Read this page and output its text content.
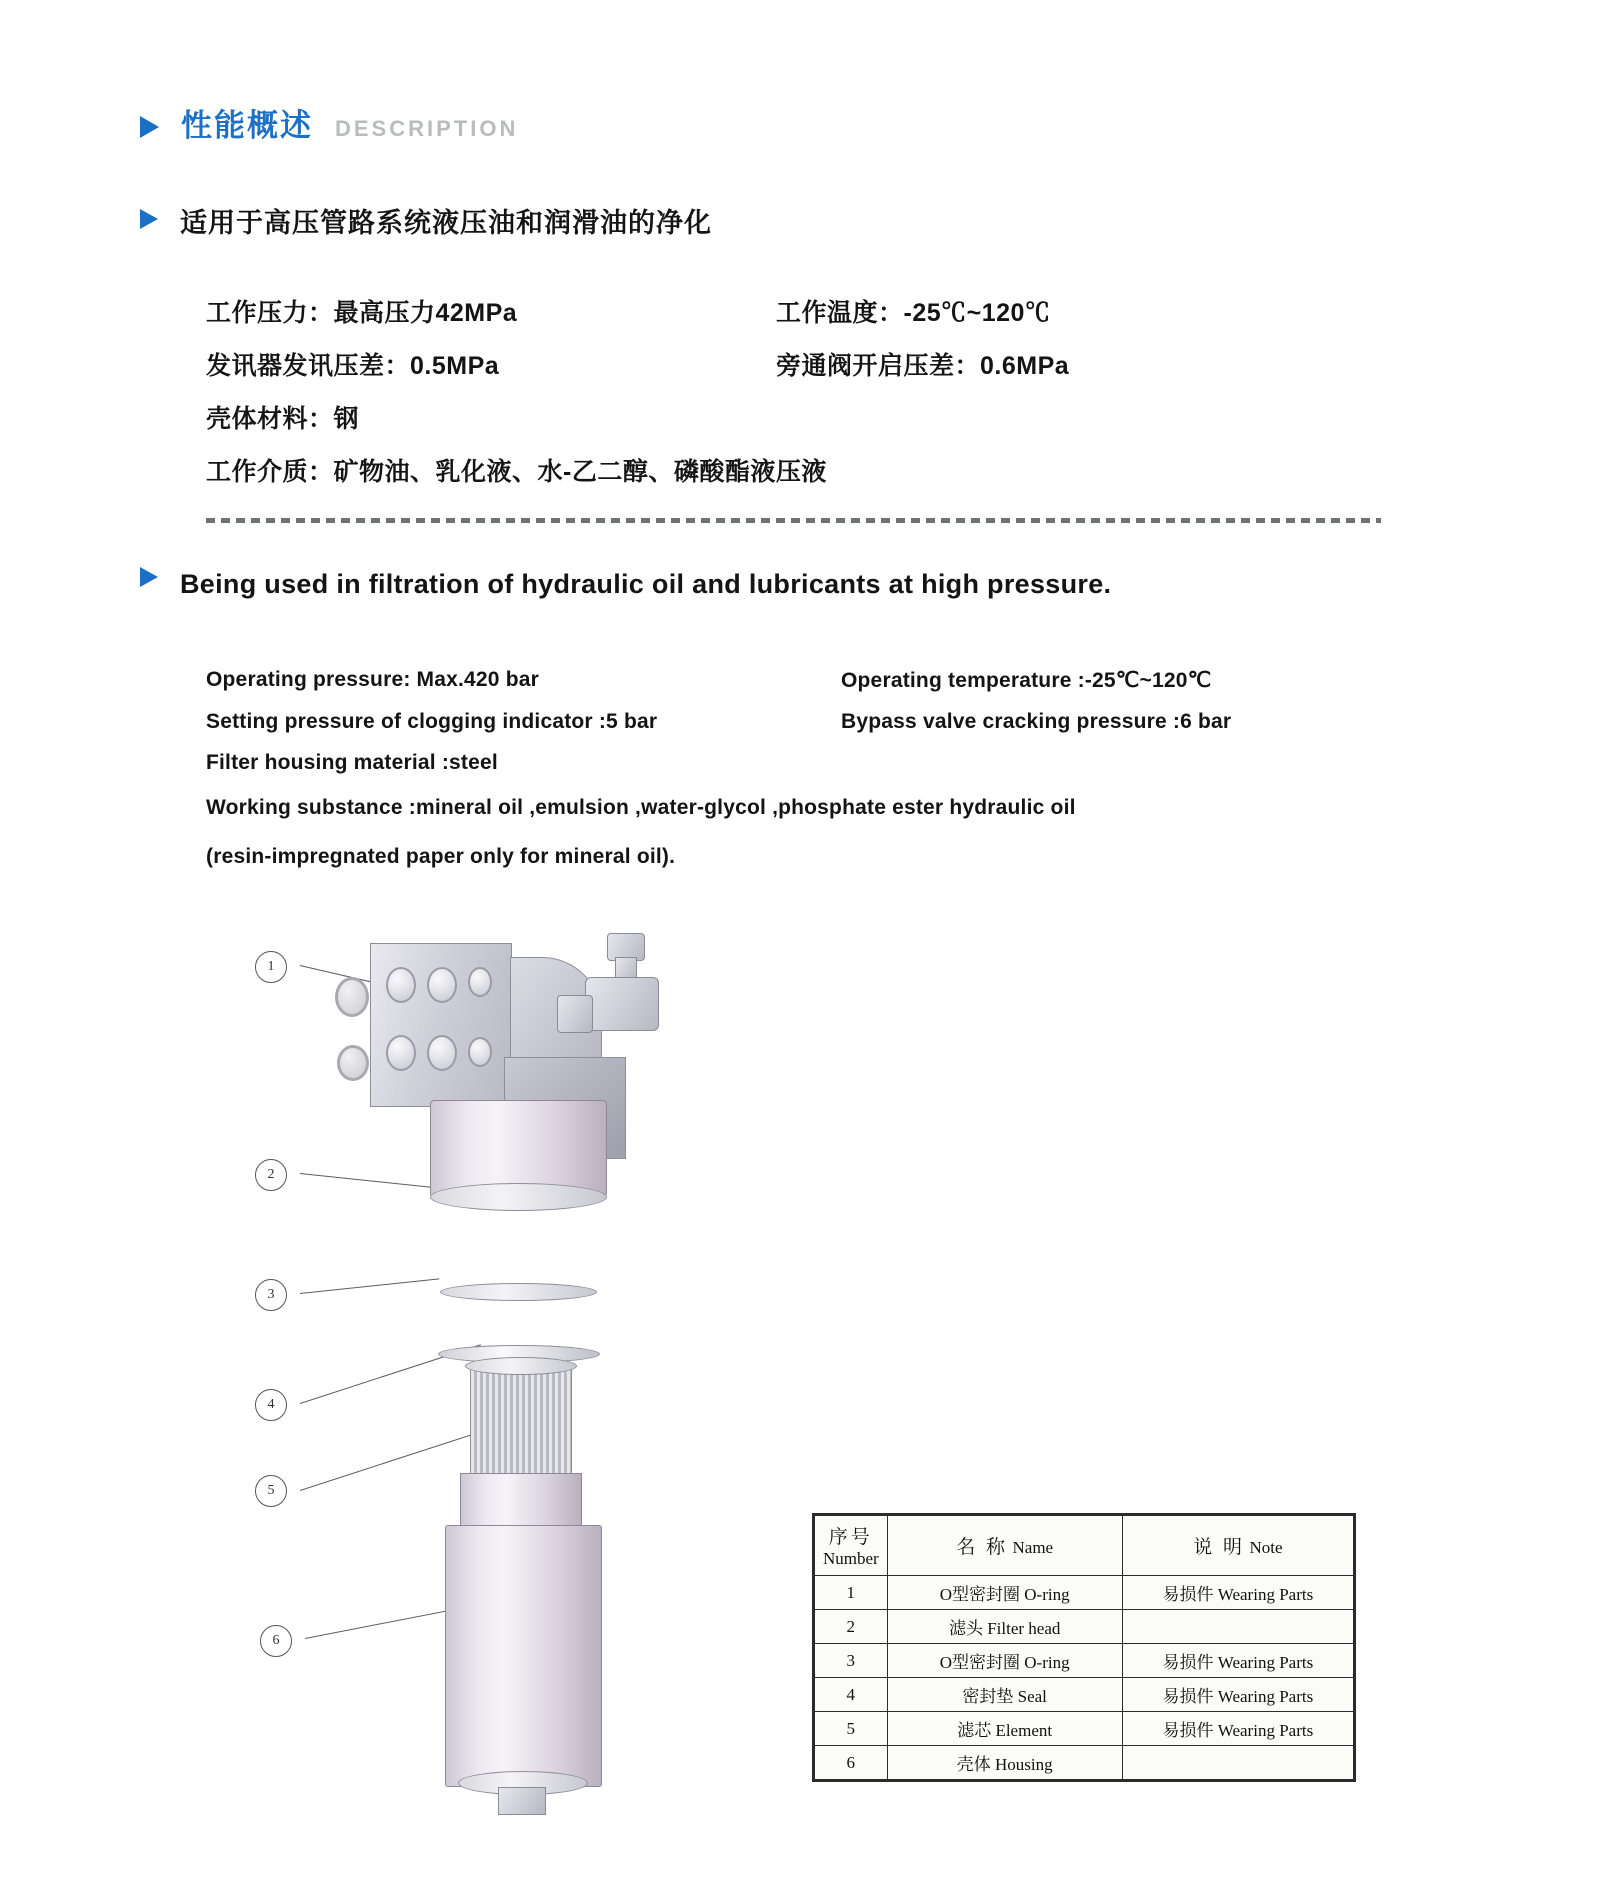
性能概述 DESCRIPTION
适用于高压管路系统液压油和润滑油的净化
工作压力：最高压力42MPa	工作温度：-25℃~120℃
发讯器发讯压差：0.5MPa	旁通阀开启压差：0.6MPa
壳体材料：钢
工作介质：矿物油、乳化液、水-乙二醇、磷酸酯液压液
Being used in filtration of hydraulic oil and lubricants at high pressure.
Operating pressure: Max.420 bar	Operating temperature :-25℃~120℃
Setting pressure of clogging indicator :5 bar	Bypass valve cracking pressure :6 bar
Filter housing material :steel
Working substance :mineral oil ,emulsion ,water-glycol ,phosphate ester hydraulic oil
(resin-impregnated paper only for mineral oil).
1
2
3
4
5
6
序号
Number	名 称 Name	说 明 Note
1	O型密封圈 O-ring	易损件 Wearing Parts
2	滤头 Filter head	
3	O型密封圈 O-ring	易损件 Wearing Parts
4	密封垫 Seal	易损件 Wearing Parts
5	滤芯 Element	易损件 Wearing Parts
6	壳体 Housing	
